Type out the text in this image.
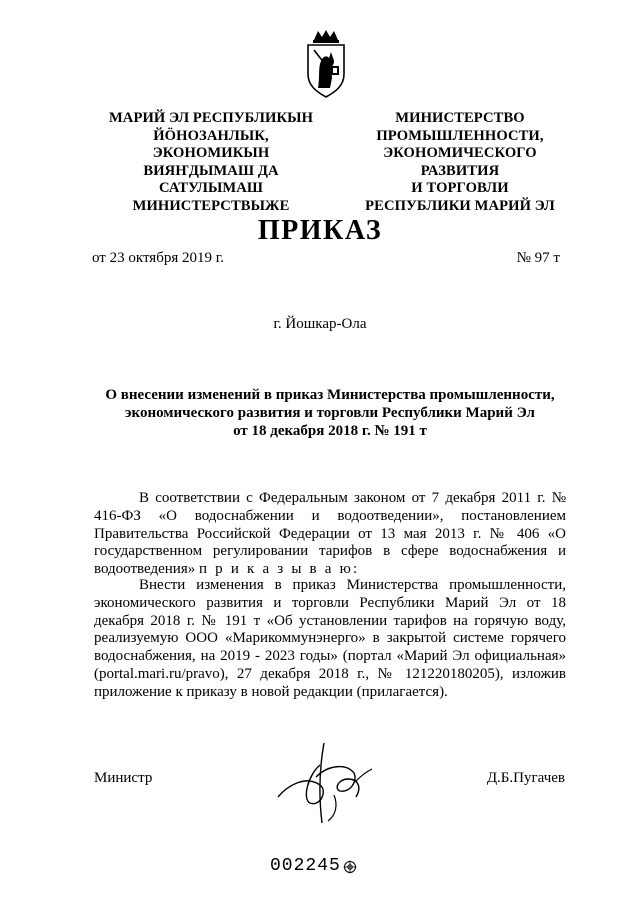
МАРИЙ ЭЛ РЕСПУБЛИКЫН
ЙӦНОЗАНЛЫК, ЭКОНОМИКЫН
ВИЯҤДЫМАШ ДА
САТУЛЫМАШ
МИНИСТЕРСТВЫЖЕ
МИНИСТЕРСТВО
ПРОМЫШЛЕННОСТИ,
ЭКОНОМИЧЕСКОГО РАЗВИТИЯ
И ТОРГОВЛИ
РЕСПУБЛИКИ МАРИЙ ЭЛ
ПРИКАЗ
от 23 октября 2019 г.	№ 97 т
г. Йошкар-Ола
О внесении изменений в приказ Министерства промышленности,
экономического развития и торговли Республики Марий Эл
от 18 декабря 2018 г. № 191 т
В соответствии с Федеральным законом от 7 декабря 2011 г. № 416-ФЗ «О водоснабжении и водоотведении», постановлением Правительства Российской Федерации от 13 мая 2013 г. № 406 «О государственном регулировании тарифов в сфере водоснабжения и водоотведения» п р и к а з ы в а ю:
Внести изменения в приказ Министерства промышленности, экономического развития и торговли Республики Марий Эл от 18 декабря 2018 г. № 191 т «Об установлении тарифов на горячую воду, реализуемую ООО «Марикоммунэнерго» в закрытой системе горячего водоснабжения, на 2019 - 2023 годы» (портал «Марий Эл официальная» (portal.mari.ru/pravo), 27 декабря 2018 г., № 121220180205), изложив приложение к приказу в новой редакции (прилагается).
Министр	Д.Б.Пугачев
002245
